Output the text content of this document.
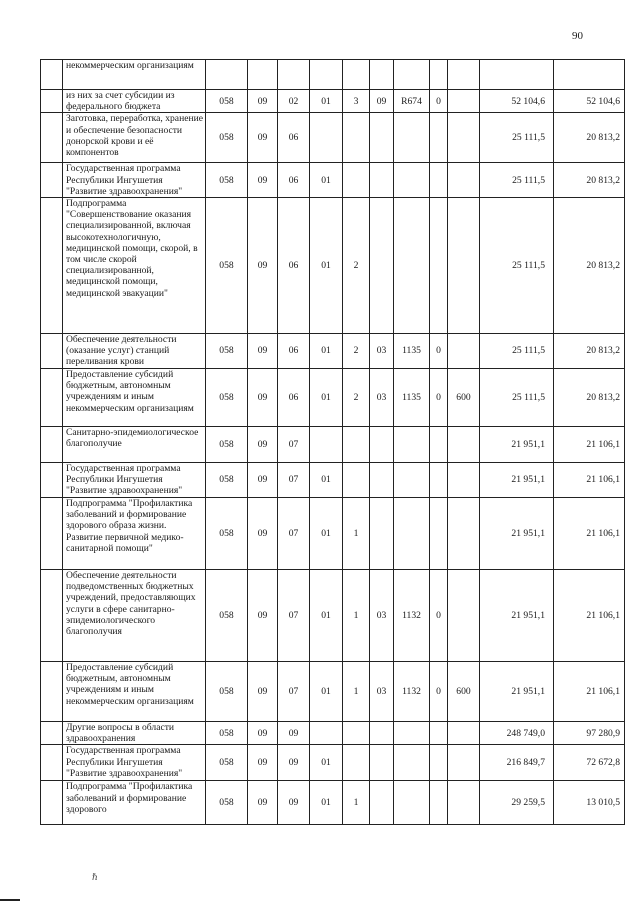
90
	некоммерческим организациям											
	из них за счет субсидии из федерального бюджета	058	09	02	01	3	09	R674	0		52 104,6	52 104,6
	Заготовка, переработка, хранение и обеспечение безопасности донорской крови и её компонентов	058	09	06							25 111,5	20 813,2
	Государственная программа Республики Ингушетия "Развитие здравоохранения"	058	09	06	01						25 111,5	20 813,2
	Подпрограмма "Совершенствование оказания специализированной, включая высокотехнологичную, медицинской помощи, скорой, в том числе скорой специализированной, медицинской помощи, медицинской эвакуации"	058	09	06	01	2					25 111,5	20 813,2
	Обеспечение деятельности (оказание услуг) станций переливания крови	058	09	06	01	2	03	1135	0		25 111,5	20 813,2
	Предоставление субсидий бюджетным, автономным учреждениям и иным некоммерческим организациям	058	09	06	01	2	03	1135	0	600	25 111,5	20 813,2
	Санитарно-эпидемиологическое благополучие	058	09	07							21 951,1	21 106,1
	Государственная программа Республики Ингушетия "Развитие здравоохранения"	058	09	07	01						21 951,1	21 106,1
	Подпрограмма "Профилактика заболеваний и формирование здорового образа жизни. Развитие первичной медико-санитарной помощи"	058	09	07	01	1					21 951,1	21 106,1
	Обеспечение деятельности подведомственных бюджетных учреждений, предоставляющих услуги в сфере санитарно-эпидемиологического благополучия	058	09	07	01	1	03	1132	0		21 951,1	21 106,1
	Предоставление субсидий бюджетным, автономным учреждениям и иным некоммерческим организациям	058	09	07	01	1	03	1132	0	600	21 951,1	21 106,1
	Другие вопросы в области здравоохранения	058	09	09							248 749,0	97 280,9
	Государственная программа Республики Ингушетия "Развитие здравоохранения"	058	09	09	01						216 849,7	72 672,8
	Подпрограмма "Профилактика заболеваний и формирование здорового	058	09	09	01	1					29 259,5	13 010,5
ℏ
